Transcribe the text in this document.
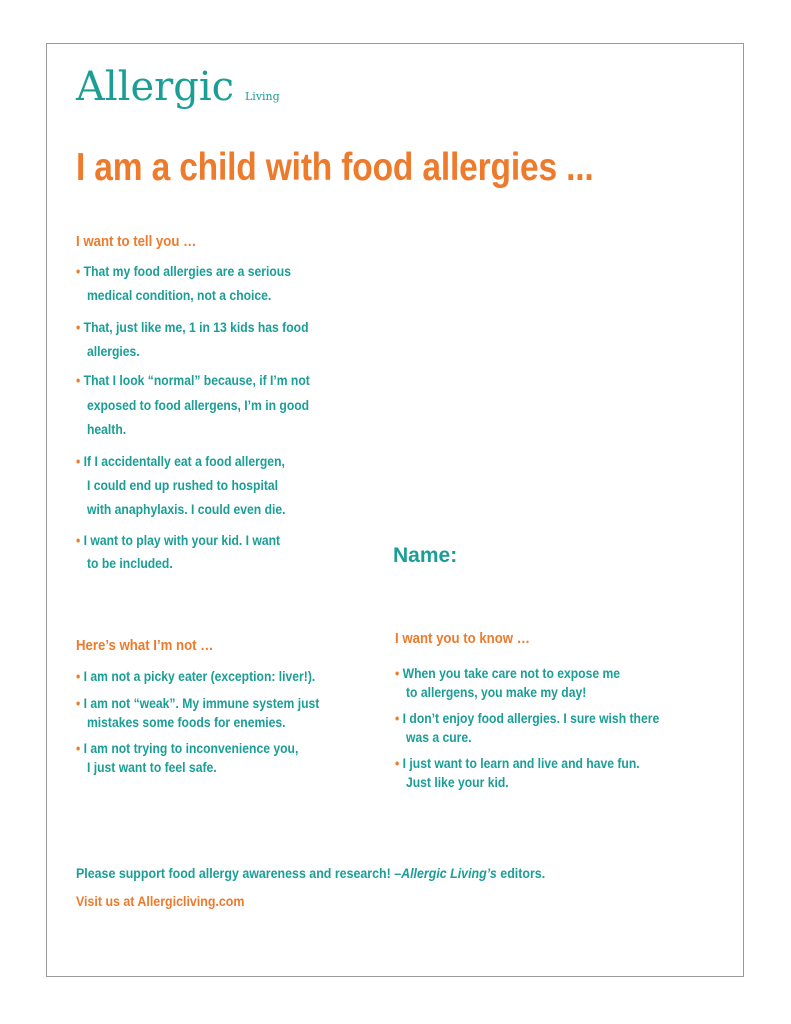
Allergic Living
I am a child with food allergies ...
I want to tell you …
• That my food allergies are a serious
medical condition, not a choice.
• That, just like me, 1 in 13 kids has food
allergies.
• That I look “normal” because, if I’m not
exposed to food allergens, I’m in good
health.
• If I accidentally eat a food allergen,
I could end up rushed to hospital
with anaphylaxis. I could even die.
• I want to play with your kid. I want
to be included.	Name:
Here’s what I’m not …
• I am not a picky eater (exception: liver!).
• I am not “weak”. My immune system just
mistakes some foods for enemies.
• I am not trying to inconvenience you,
I just want to feel safe.
I want you to know …
• When you take care not to expose me
to allergens, you make my day!
• I don’t enjoy food allergies. I sure wish there
was a cure.
• I just want to learn and live and have fun.
Just like your kid.
Please support food allergy awareness and research! –Allergic Living’s editors.
Visit us at Allergicliving.com
